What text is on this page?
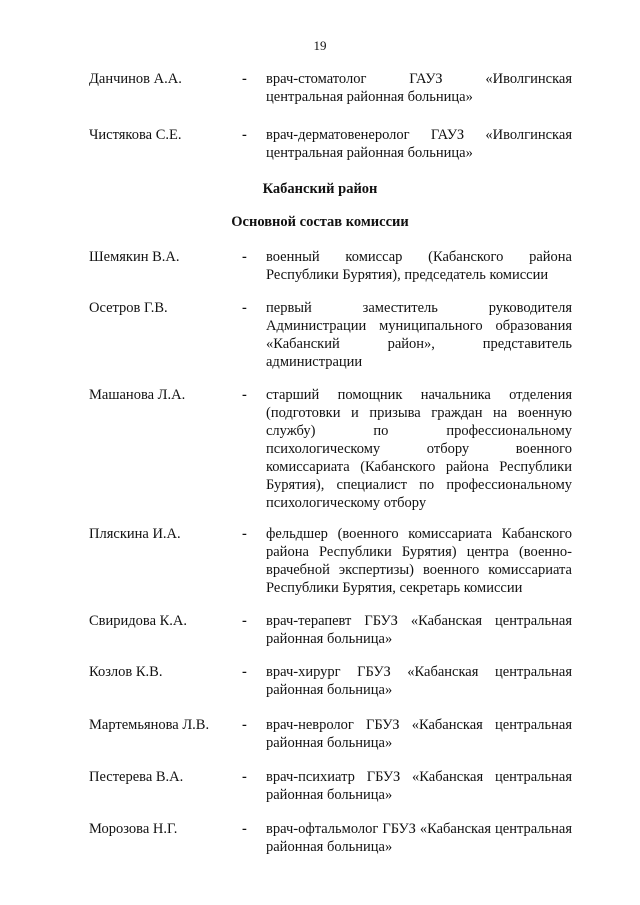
19
Данчинов А.А.	- врач-стоматолог ГАУЗ «Иволгинская центральная районная больница»
Чистякова С.Е.	- врач-дерматовенеролог ГАУЗ «Иволгинская центральная районная больница»
Кабанский район
Основной состав комиссии
Шемякин В.А.	- военный комиссар (Кабанского района Республики Бурятия), председатель комиссии
Осетров Г.В.	- первый заместитель руководителя Администрации муниципального образования «Кабанский район», представитель администрации
Машанова Л.А.	- старший помощник начальника отделения (подготовки и призыва граждан на военную службу) по профессиональному психологическому отбору военного комиссариата (Кабанского района Республики Бурятия), специалист по профессиональному психологическому отбору
Пляскина И.А.	- фельдшер (военного комиссариата Кабанского района Республики Бурятия) центра (военно-врачебной экспертизы) военного комиссариата Республики Бурятия, секретарь комиссии
Свиридова К.А.	- врач-терапевт ГБУЗ «Кабанская центральная районная больница»
Козлов К.В.	- врач-хирург ГБУЗ «Кабанская центральная районная больница»
Мартемьянова Л.В. - врач-невролог ГБУЗ «Кабанская центральная районная больница»
Пестерева В.А.	- врач-психиатр ГБУЗ «Кабанская центральная районная больница»
Морозова Н.Г.	- врач-офтальмолог ГБУЗ «Кабанская центральная районная больница»
